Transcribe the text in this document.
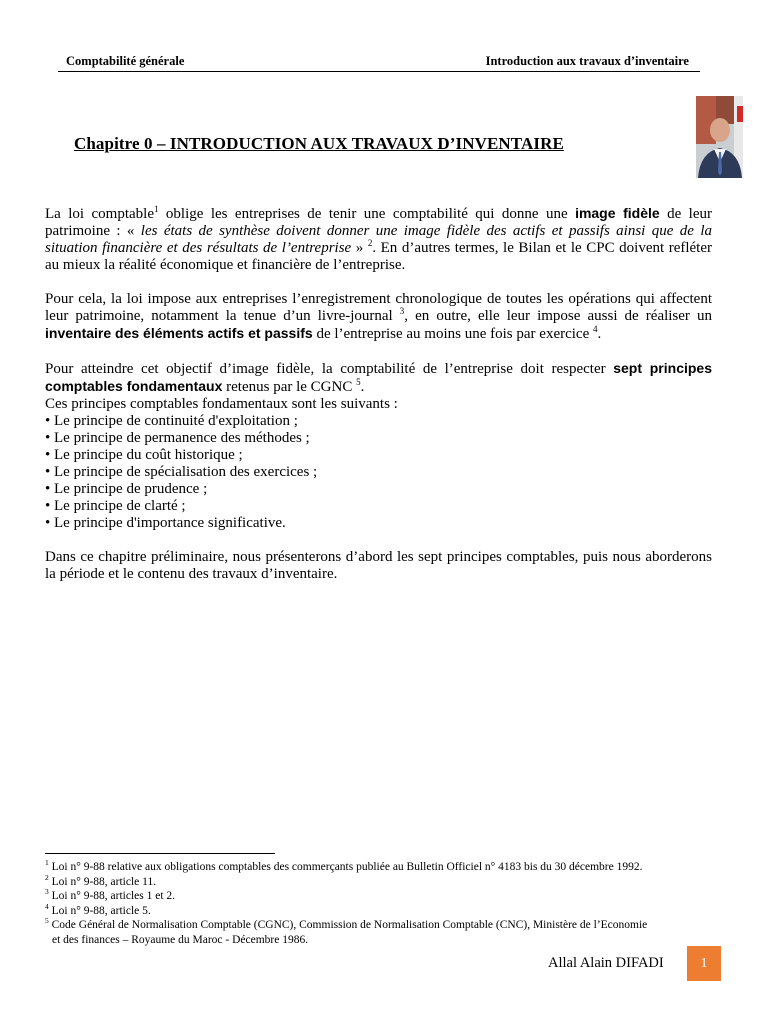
Comptabilité générale	Introduction aux travaux d’inventaire
Chapitre 0 – INTRODUCTION AUX TRAVAUX D’INVENTAIRE

La loi comptable$^1$ oblige les entreprises de tenir une comptabilité qui donne une image fidèle de leur patrimoine : « les états de synthèse doivent donner une image fidèle des actifs et passifs ainsi que de la situation financière et des résultats de l’entreprise » $^2$. En d’autres termes, le Bilan et le CPC doivent refléter au mieux la réalité économique et financière de l’entreprise.

Pour cela, la loi impose aux entreprises l’enregistrement chronologique de toutes les opérations qui affectent leur patrimoine, notamment la tenue d’un livre-journal $^3$, en outre, elle leur impose aussi de réaliser un inventaire des éléments actifs et passifs de l’entreprise au moins une fois par exercice $^4$.

Pour atteindre cet objectif d’image fidèle, la comptabilité de l’entreprise doit respecter sept principes comptables fondamentaux retenus par le CGNC $^5$.

Ces principes comptables fondamentaux sont les suivants :
• Le principe de continuité d'exploitation ;
• Le principe de permanence des méthodes ;
• Le principe du coût historique ;
• Le principe de spécialisation des exercices ;
• Le principe de prudence ;
• Le principe de clarté ;
• Le principe d'importance significative.

Dans ce chapitre préliminaire, nous présenterons d’abord les sept principes comptables, puis nous aborderons la période et le contenu des travaux d’inventaire.

$^1$ Loi n° 9-88 relative aux obligations comptables des commerçants publiée au Bulletin Officiel n° 4183 bis du 30 décembre 1992.
$^2$ Loi n° 9-88, article 11.
$^3$ Loi n° 9-88, articles 1 et 2.
$^4$ Loi n° 9-88, article 5.
$^5$ Code Général de Normalisation Comptable (CGNC), Commission de Normalisation Comptable (CNC), Ministère de l’Economie
et des finances – Royaume du Maroc - Décembre 1986.
Allal Alain DIFADI	1
